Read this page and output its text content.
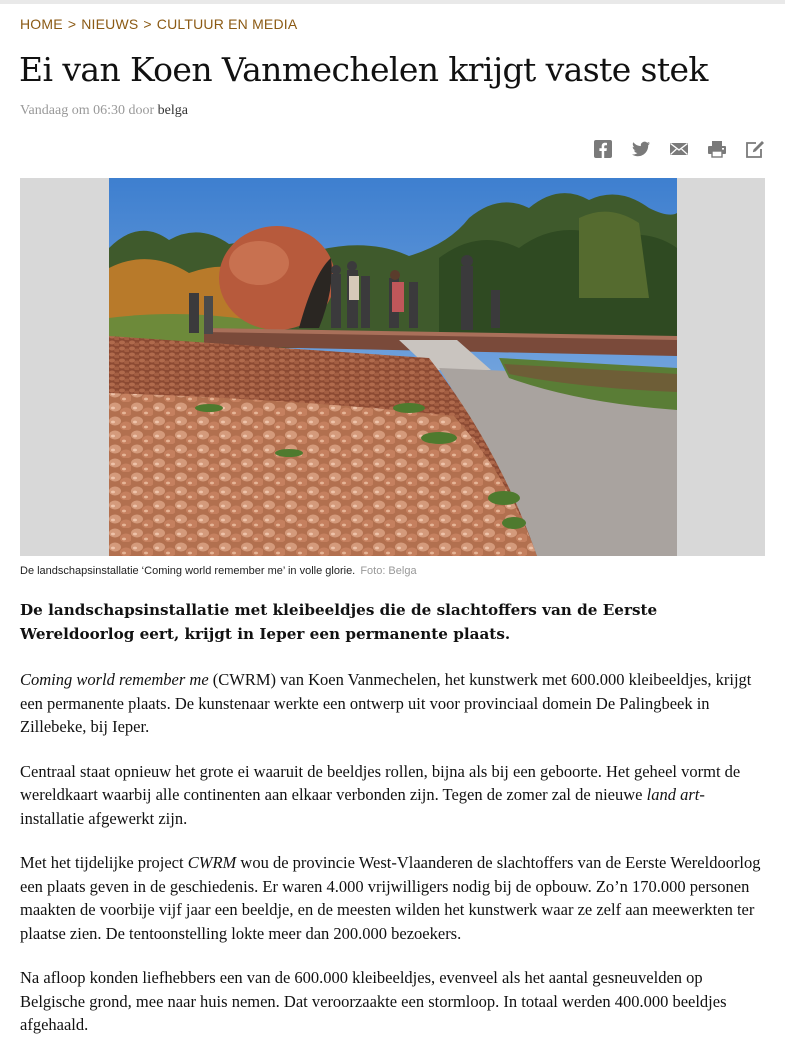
HOME > NIEUWS > CULTUUR EN MEDIA
Ei van Koen Vanmechelen krijgt vaste stek
Vandaag om 06:30 door belga
De landschapsinstallatie ‘Coming world remember me’ in volle glorie. Foto: Belga

De landschapsinstallatie met kleibeeldjes die de slachtoffers van de Eerste Wereldoorlog eert, krijgt in Ieper een permanente plaats.

Coming world remember me (CWRM) van Koen Vanmechelen, het kunstwerk met 600.000 kleibeeldjes, krijgt een permanente plaats. De kunstenaar werkte een ontwerp uit voor provinciaal domein De Palingbeek in Zillebeke, bij Ieper.

Centraal staat opnieuw het grote ei waaruit de beeldjes rollen, bijna als bij een geboorte. Het geheel vormt de wereldkaart waarbij alle continenten aan elkaar verbonden zijn. Tegen de zomer zal de nieuwe land art-installatie afgewerkt zijn.

Met het tijdelijke project CWRM wou de provincie West-Vlaanderen de slachtoffers van de Eerste Wereldoorlog een plaats geven in de geschiedenis. Er waren 4.000 vrijwilligers nodig bij de opbouw. Zo’n 170.000 personen maakten de voorbije vijf jaar een beeldje, en de meesten wilden het kunstwerk waar ze zelf aan meewerkten ter plaatse zien. De tentoonstelling lokte meer dan 200.000 bezoekers.

Na afloop konden liefhebbers een van de 600.000 kleibeeldjes, evenveel als het aantal gesneuvelden op Belgische grond, mee naar huis nemen. Dat veroorzaakte een stormloop. In totaal werden 400.000 beeldjes afgehaald.
